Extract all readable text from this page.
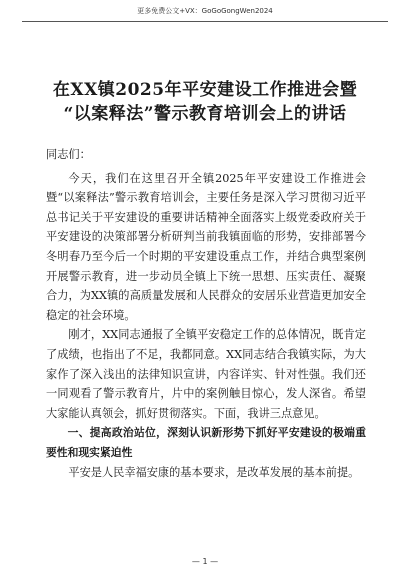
更多免费公文+VX：GoGoGongWen2024
在XX镇2025年平安建设工作推进会暨
“以案释法”警示教育培训会上的讲话

同志们：

今天，我们在这里召开全镇2025年平安建设工作推进会暨“以案释法”警示教育培训会，主要任务是深入学习贯彻习近平总书记关于平安建设的重要讲话精神全面落实上级党委政府关于平安建设的决策部署分析研判当前我镇面临的形势，安排部署今冬明春乃至今后一个时期的平安建设重点工作，并结合典型案例开展警示教育，进一步动员全镇上下统一思想、压实责任、凝聚合力，为XX镇的高质量发展和人民群众的安居乐业营造更加安全稳定的社会环境。

刚才，XX同志通报了全镇平安稳定工作的总体情况，既肯定了成绩，也指出了不足，我都同意。XX同志结合我镇实际，为大家作了深入浅出的法律知识宣讲，内容详实、针对性强。我们还一同观看了警示教育片，片中的案例触目惊心，发人深省。希望大家能认真领会，抓好贯彻落实。下面，我讲三点意见。

一、提高政治站位，深刻认识新形势下抓好平安建设的极端重要性和现实紧迫性

平安是人民幸福安康的基本要求，是改革发展的基本前提。

— 1 —
